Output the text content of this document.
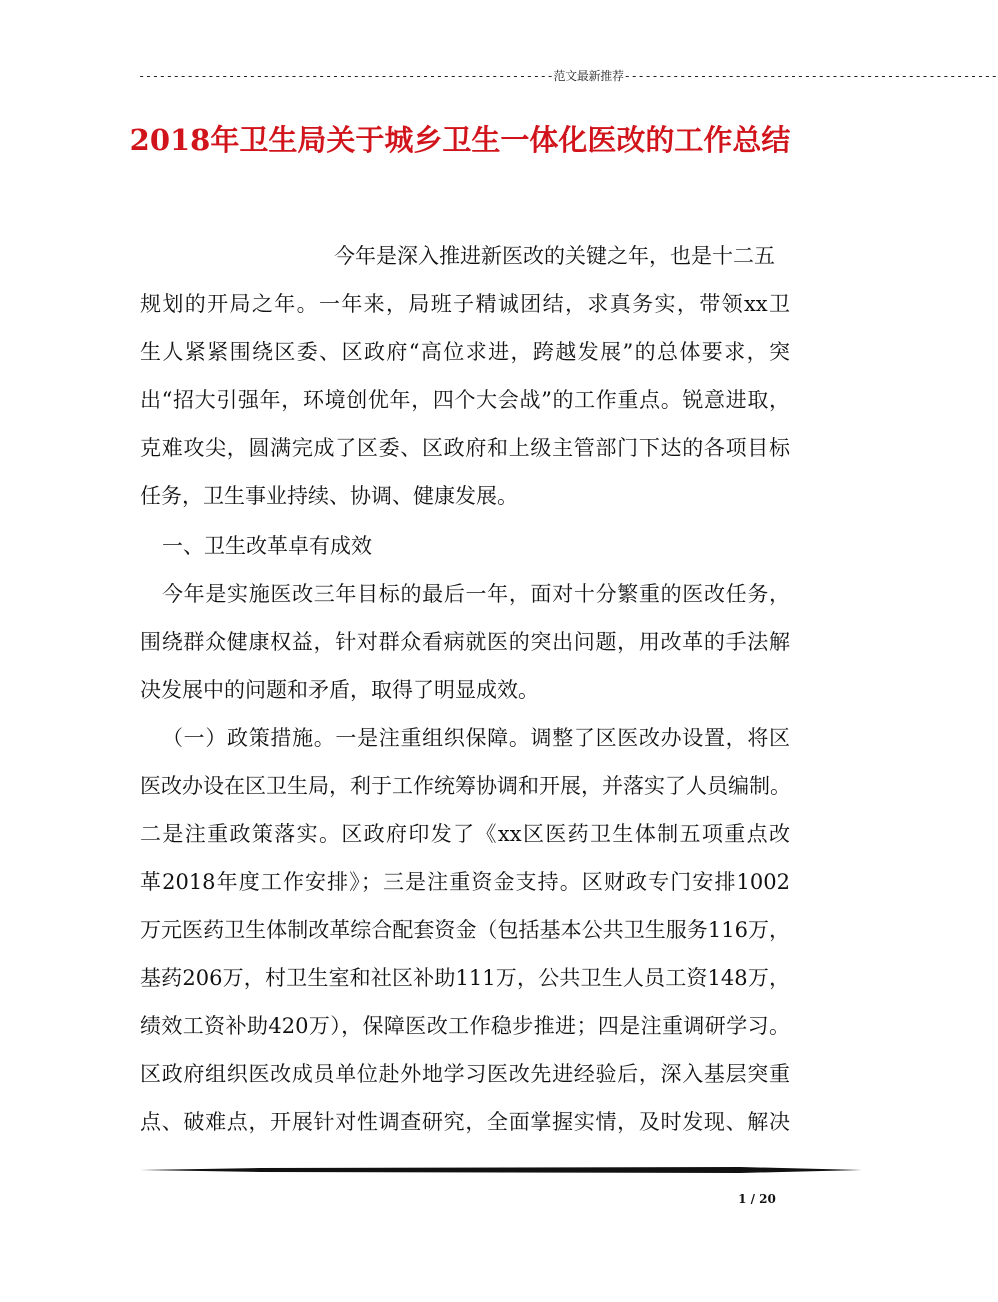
------------------------------------------------------------范文最新推荐------------------------------------------------------
2018年卫生局关于城乡卫生一体化医改的工作总结
今年是深入推进新医改的关键之年，也是十二五
规划的开局之年。一年来，局班子精诚团结，求真务实，带领xx卫
生人紧紧围绕区委、区政府“高位求进，跨越发展”的总体要求，突
出“招大引强年，环境创优年，四个大会战”的工作重点。锐意进取，
克难攻尖，圆满完成了区委、区政府和上级主管部门下达的各项目标
任务，卫生事业持续、协调、健康发展。
一、卫生改革卓有成效
今年是实施医改三年目标的最后一年，面对十分繁重的医改任务，
围绕群众健康权益，针对群众看病就医的突出问题，用改革的手法解
决发展中的问题和矛盾，取得了明显成效。
（一）政策措施。一是注重组织保障。调整了区医改办设置，将区
医改办设在区卫生局，利于工作统筹协调和开展，并落实了人员编制。
二是注重政策落实。区政府印发了《xx区医药卫生体制五项重点改
革2018年度工作安排》；三是注重资金支持。区财政专门安排1002
万元医药卫生体制改革综合配套资金（包括基本公共卫生服务116万，
基药206万，村卫生室和社区补助111万，公共卫生人员工资148万，
绩效工资补助420万），保障医改工作稳步推进；四是注重调研学习。
区政府组织医改成员单位赴外地学习医改先进经验后，深入基层突重
点、破难点，开展针对性调查研究，全面掌握实情，及时发现、解决
1 / 20
